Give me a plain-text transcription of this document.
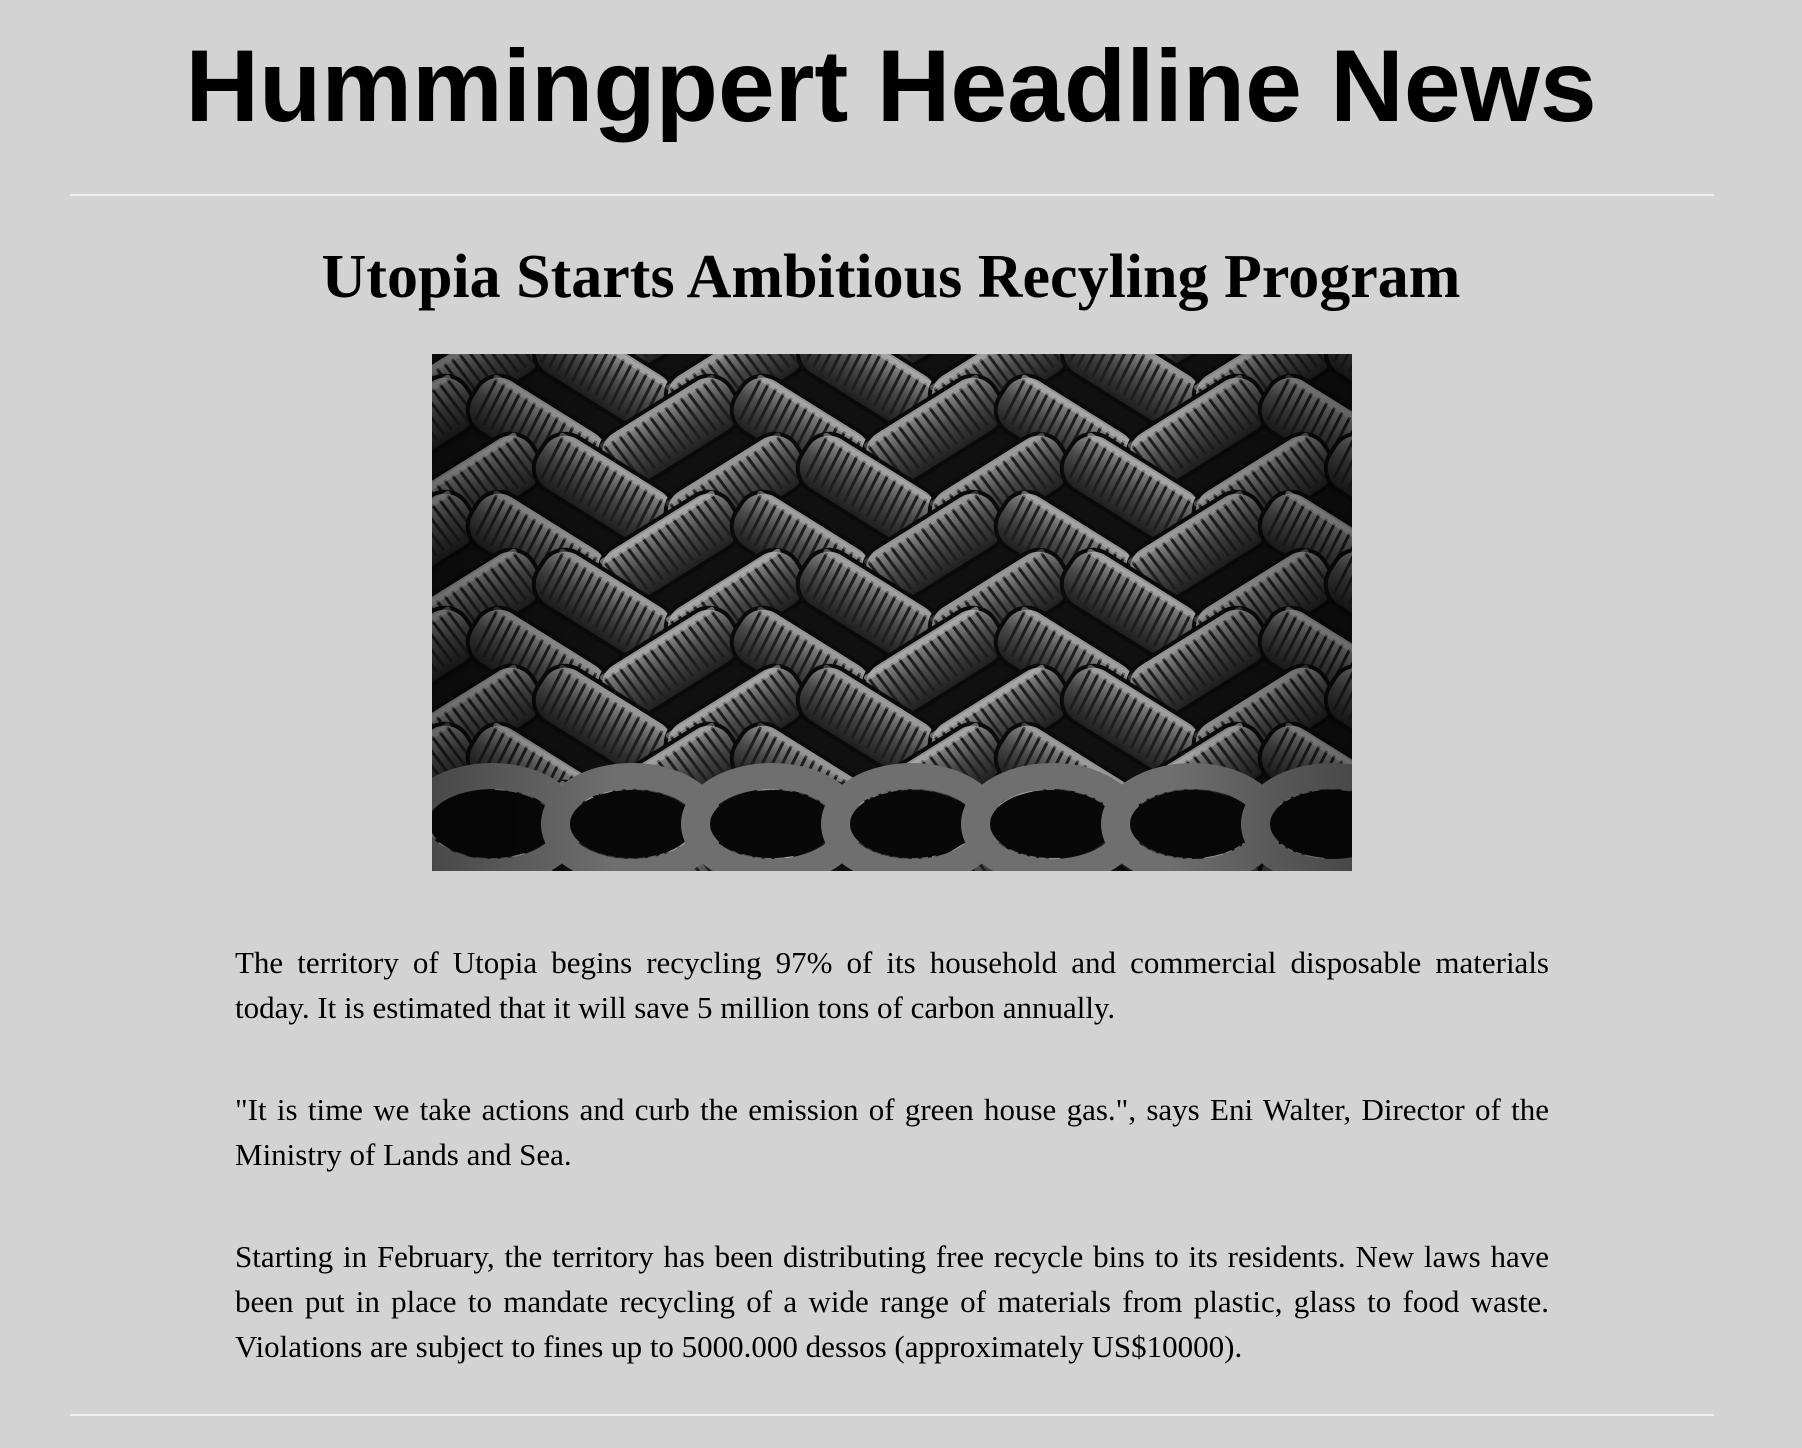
Hummingpert Headline News
Utopia Starts Ambitious Recyling Program

The territory of Utopia begins recycling 97% of its household and commercial disposable materials today. It is estimated that it will save 5 million tons of carbon annually.

"It is time we take actions and curb the emission of green house gas.", says Eni Walter, Director of the Ministry of Lands and Sea.

Starting in February, the territory has been distributing free recycle bins to its residents. New laws have been put in place to mandate recycling of a wide range of materials from plastic, glass to food waste. Violations are subject to fines up to 5000.000 dessos (approximately US$10000).
